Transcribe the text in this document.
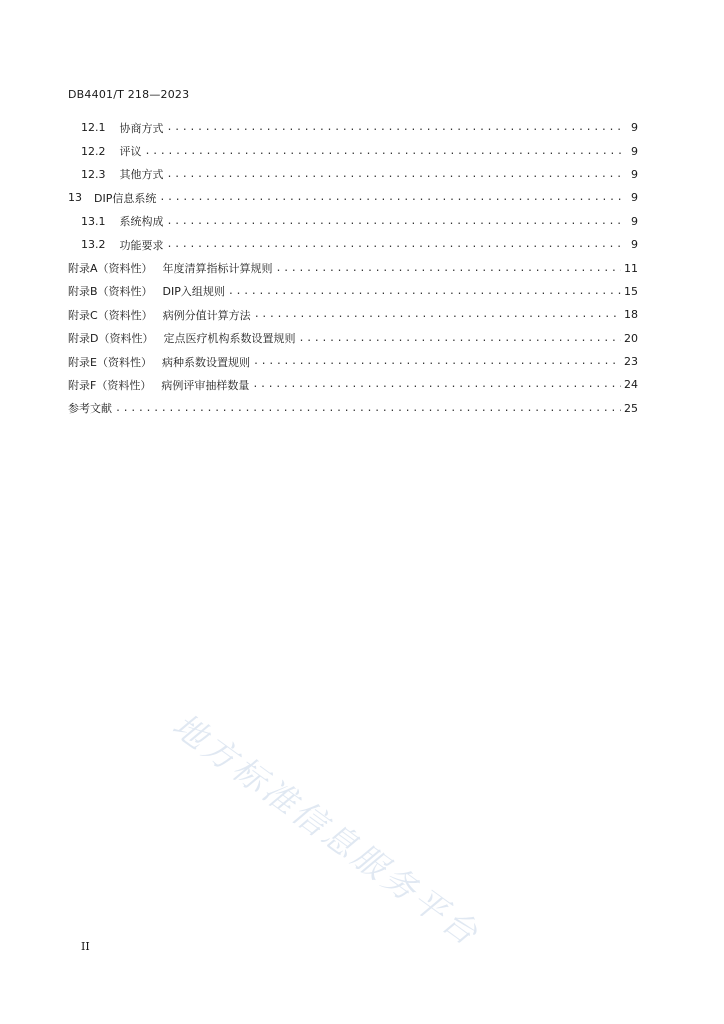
DB4401/T 218—2023
12.1 协商方式 .....	9
12.2 评议 .....	9
12.3 其他方式 .....	9
13 DIP信息系统 .....	9
13.1 系统构成 .....	9
13.2 功能要求 .....	9
附录A（资料性） 年度清算指标计算规则 .....	11
附录B（资料性） DIP入组规则 .....	15
附录C（资料性） 病例分值计算方法 .....	18
附录D（资料性） 定点医疗机构系数设置规则 .....	20
附录E（资料性） 病种系数设置规则 .....	23
附录F（资料性） 病例评审抽样数量 .....	24
参考文献 .....	25
地方标准信息服务平台
II
